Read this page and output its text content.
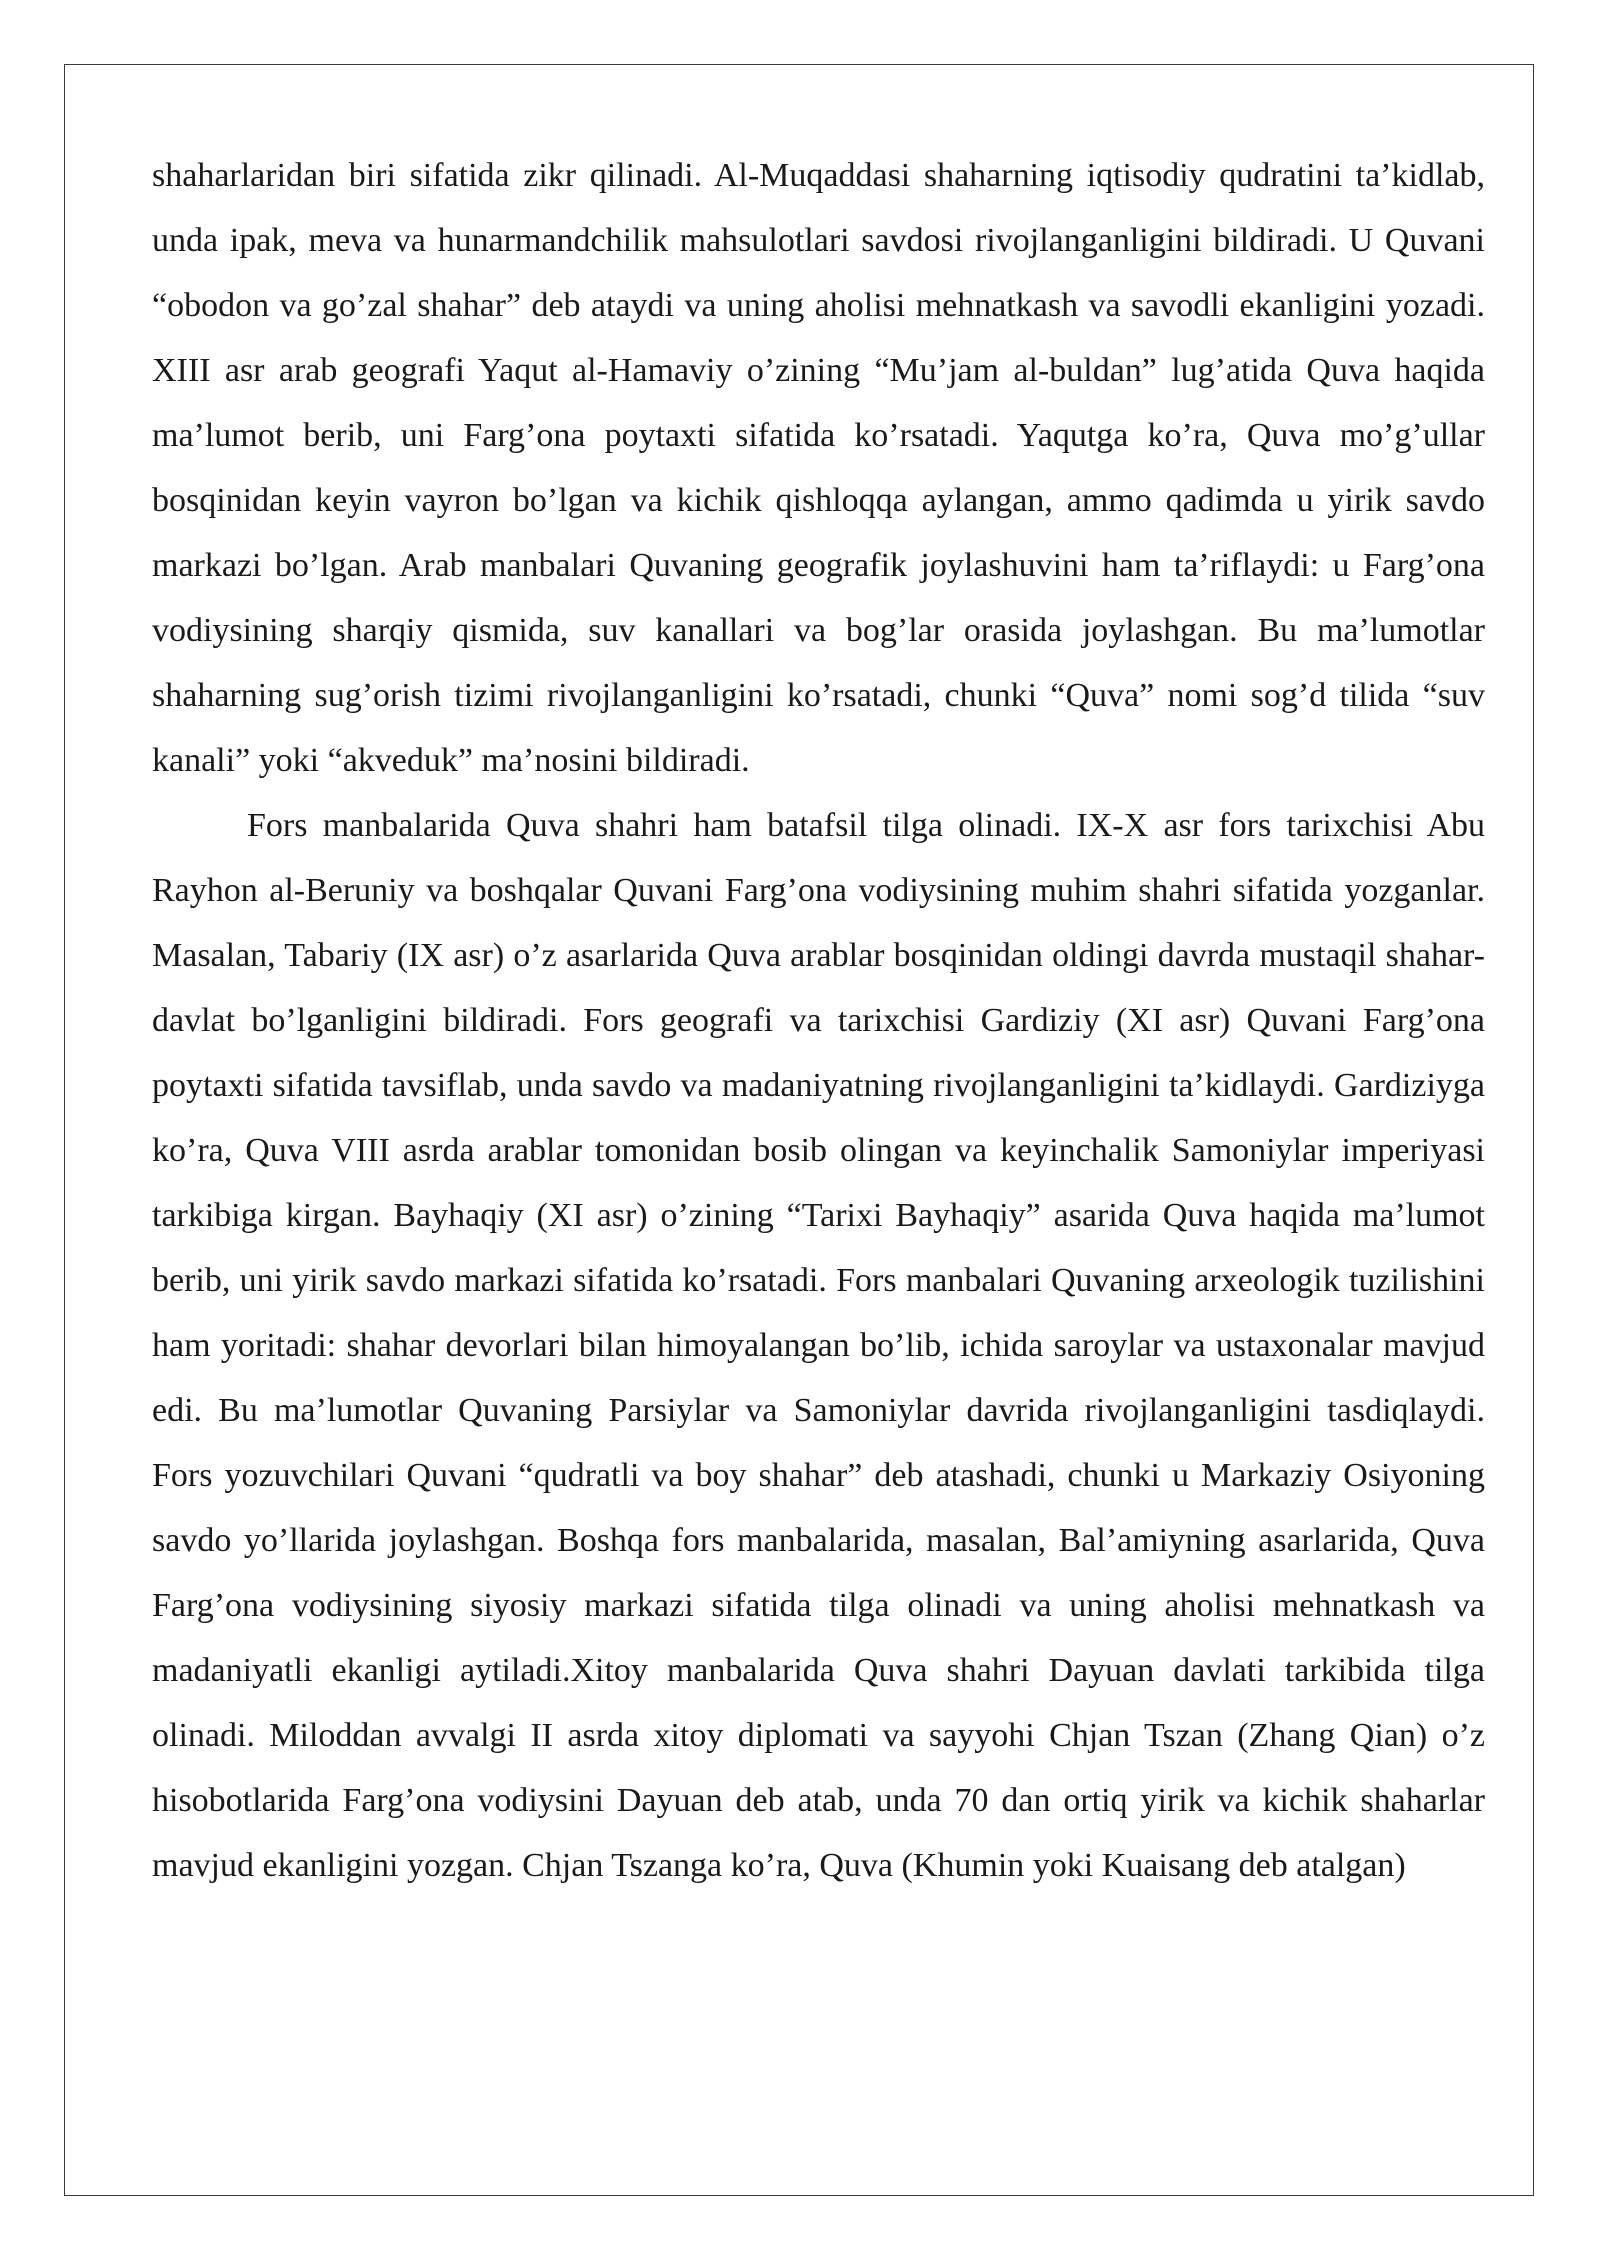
shaharlaridan biri sifatida zikr qilinadi. Al-Muqaddasi shaharning iqtisodiy qudratini ta’kidlab, unda ipak, meva va hunarmandchilik mahsulotlari savdosi rivojlanganligini bildiradi. U Quvani “obodon va go’zal shahar” deb ataydi va uning aholisi mehnatkash va savodli ekanligini yozadi. XIII asr arab geografi Yaqut al-Hamaviy o’zining “Mu’jam al-buldan” lug’atida Quva haqida ma’lumot berib, uni Farg’ona poytaxti sifatida ko’rsatadi. Yaqutga ko’ra, Quva mo’g’ullar bosqinidan keyin vayron bo’lgan va kichik qishloqqa aylangan, ammo qadimda u yirik savdo markazi bo’lgan. Arab manbalari Quvaning geografik joylashuvini ham ta’riflaydi: u Farg’ona vodiysining sharqiy qismida, suv kanallari va bog’lar orasida joylashgan. Bu ma’lumotlar shaharning sug’orish tizimi rivojlanganligini ko’rsatadi, chunki “Quva” nomi sog’d tilida “suv kanali” yoki “akveduk” ma’nosini bildiradi.

Fors manbalarida Quva shahri ham batafsil tilga olinadi. IX-X asr fors tarixchisi Abu Rayhon al-Beruniy va boshqalar Quvani Farg’ona vodiysining muhim shahri sifatida yozganlar. Masalan, Tabariy (IX asr) o’z asarlarida Quva arablar bosqinidan oldingi davrda mustaqil shahar-davlat bo’lganligini bildiradi. Fors geografi va tarixchisi Gardiziy (XI asr) Quvani Farg’ona poytaxti sifatida tavsiflab, unda savdo va madaniyatning rivojlanganligini ta’kidlaydi. Gardiziyga ko’ra, Quva VIII asrda arablar tomonidan bosib olingan va keyinchalik Samoniylar imperiyasi tarkibiga kirgan. Bayhaqiy (XI asr) o’zining “Tarixi Bayhaqiy” asarida Quva haqida ma’lumot berib, uni yirik savdo markazi sifatida ko’rsatadi. Fors manbalari Quvaning arxeologik tuzilishini ham yoritadi: shahar devorlari bilan himoyalangan bo’lib, ichida saroylar va ustaxonalar mavjud edi. Bu ma’lumotlar Quvaning Parsiylar va Samoniylar davrida rivojlanganligini tasdiqlaydi. Fors yozuvchilari Quvani “qudratli va boy shahar” deb atashadi, chunki u Markaziy Osiyoning savdo yo’llarida joylashgan. Boshqa fors manbalarida, masalan, Bal’amiyning asarlarida, Quva Farg’ona vodiysining siyosiy markazi sifatida tilga olinadi va uning aholisi mehnatkash va madaniyatli ekanligi aytiladi.Xitoy manbalarida Quva shahri Dayuan davlati tarkibida tilga olinadi. Miloddan avvalgi II asrda xitoy diplomati va sayyohi Chjan Tszan (Zhang Qian) o’z hisobotlarida Farg’ona vodiysini Dayuan deb atab, unda 70 dan ortiq yirik va kichik shaharlar mavjud ekanligini yozgan. Chjan Tszanga ko’ra, Quva (Khumin yoki Kuaisang deb atalgan)
